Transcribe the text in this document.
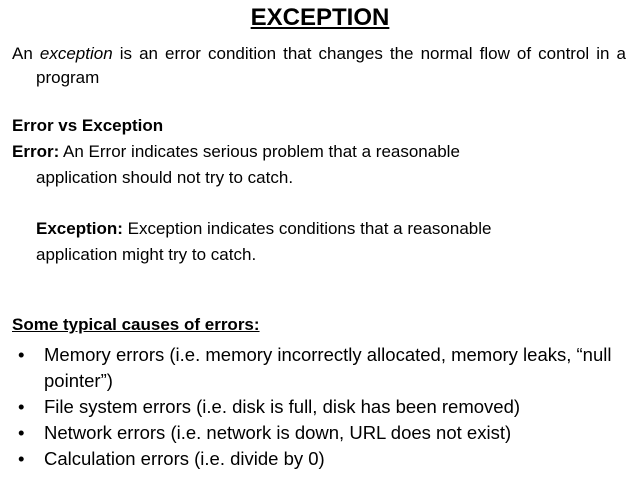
EXCEPTION
An exception is an error condition that changes the normal flow of control in a program
Error vs Exception
Error: An Error indicates serious problem that a reasonable
application should not try to catch.
Exception: Exception indicates conditions that a reasonable
application might try to catch.
Some typical causes of errors:
• Memory errors (i.e. memory incorrectly allocated, memory leaks, “null pointer”)
• File system errors (i.e. disk is full, disk has been removed)
• Network errors (i.e. network is down, URL does not exist)
• Calculation errors (i.e. divide by 0)
